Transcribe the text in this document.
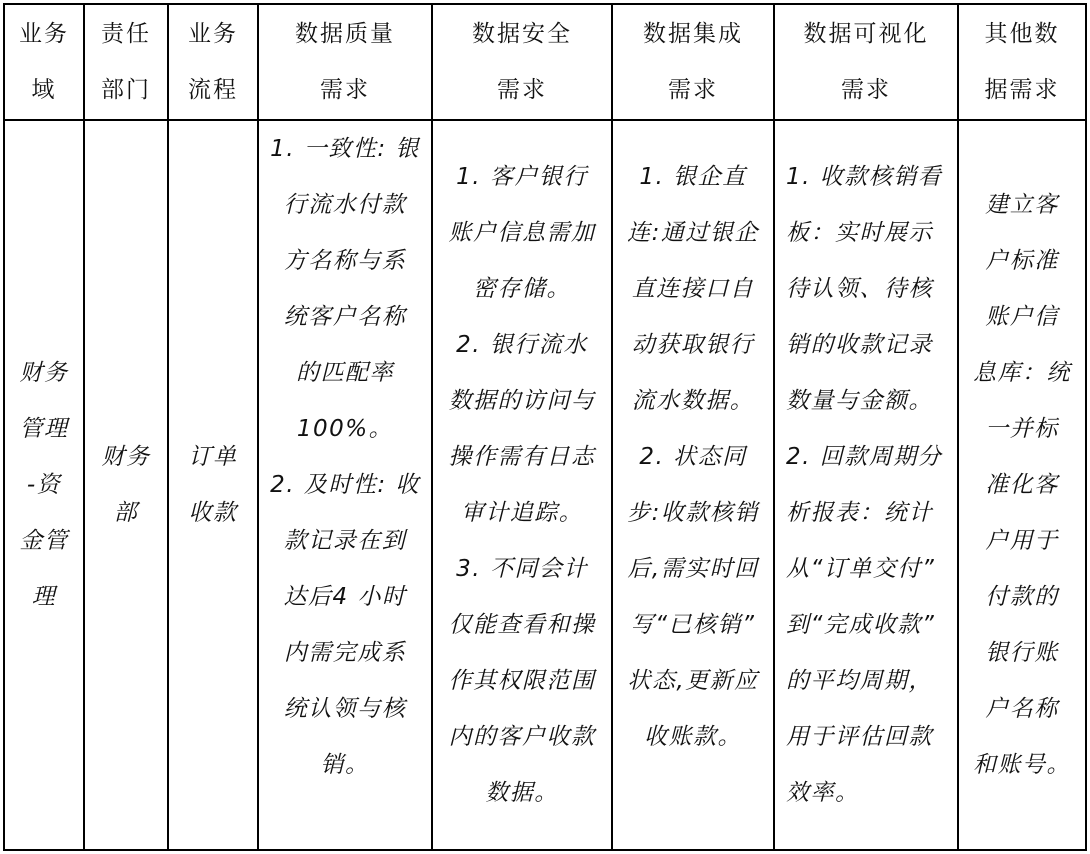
业务
域
责任
部门
业务
流程
数据质量
需求
数据安全
需求
数据集成
需求
数据可视化
需求
其他数
据需求
财务
管理
-资
金管
理
财务
部
订单
收款
1. 一致性: 银
行流水付款
方名称与系
统客户名称
的匹配率
100%。
2. 及时性: 收
款记录在到
达后4 小时
内需完成系
统认领与核
销。
1. 客户银行
账户信息需加
密存储。
2. 银行流水
数据的访问与
操作需有日志
审计追踪。
3. 不同会计
仅能查看和操
作其权限范围
内的客户收款
数据。
1. 银企直
连:通过银企
直连接口自
动获取银行
流水数据。
2. 状态同
步:收款核销
后,需实时回
写“已核销”
状态,更新应
收账款。
1. 收款核销看
板：实时展示
待认领、待核
销的收款记录
数量与金额。
2. 回款周期分
析报表：统计
从“订单交付”
到“完成收款”
的平均周期，
用于评估回款
效率。
建立客
户标准
账户信
息库：统
一并标
准化客
户用于
付款的
银行账
户名称
和账号。
